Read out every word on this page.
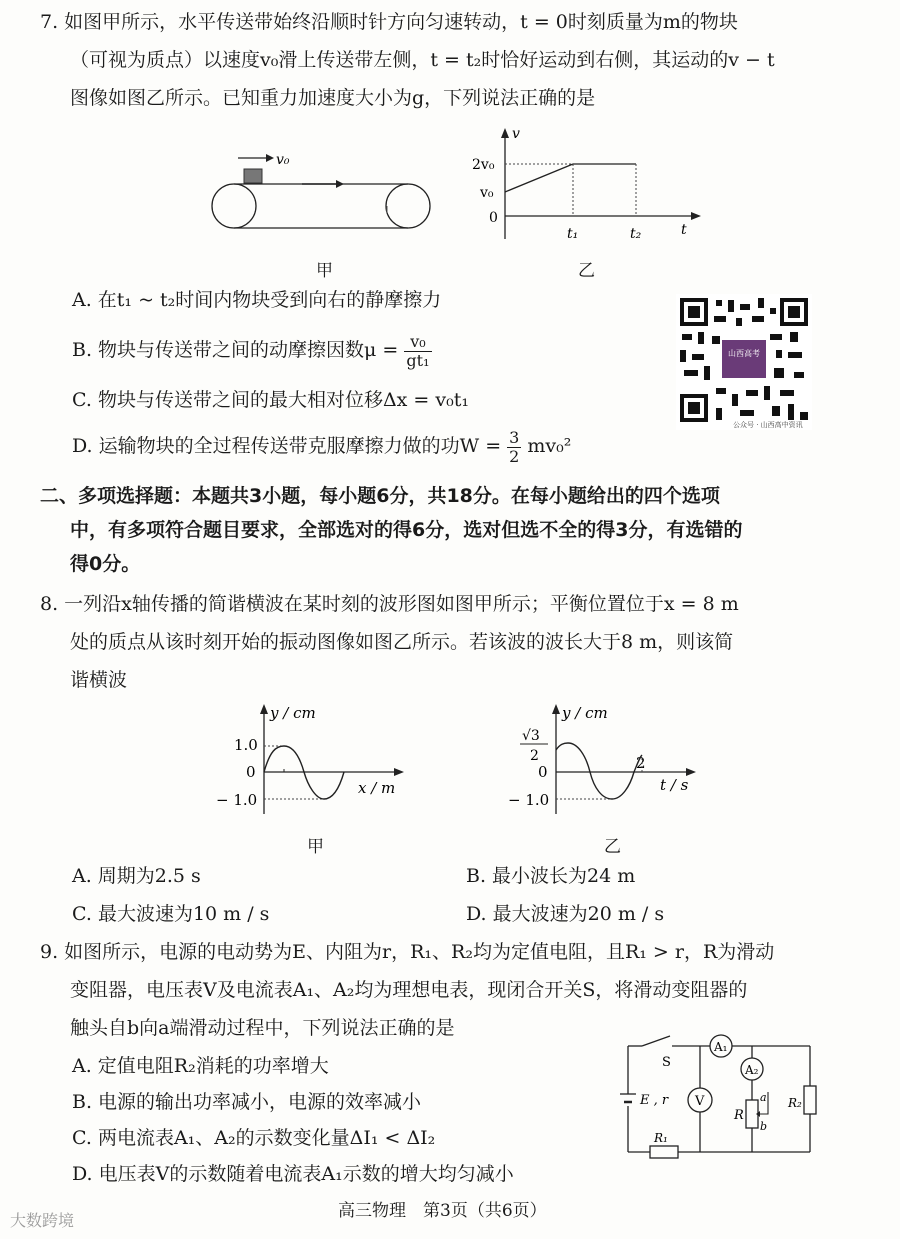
7. 如图甲所示，水平传送带始终沿顺时针方向匀速转动，t = 0时刻质量为m的物块
（可视为质点）以速度v₀滑上传送带左侧，t = t₂时恰好运动到右侧，其运动的v − t
图像如图乙所示。已知重力加速度大小为g，下列说法正确的是
v₀
甲
v
t
2v₀
v₀
0
t₁	t₂
乙
A. 在t₁ ~ t₂时间内物块受到向右的静摩擦力
B. 物块与传送带之间的动摩擦因数$\mu = \frac{\text{v₀}}{\text{gt₁}}$
C. 物块与传送带之间的最大相对位移Δx = v₀t₁
D. 运输物块的全过程传送带克服摩擦力做的功$W = \frac{3}{2} mv_0^2$
山西高考
公众号 · 山西高中资讯
二、多项选择题：本题共3小题，每小题6分，共18分。在每小题给出的四个选项
中，有多项符合题目要求，全部选对的得6分，选对但选不全的得3分，有选错的
得0分。
8. 一列沿x轴传播的简谐横波在某时刻的波形图如图甲所示；平衡位置位于x = 8 m
处的质点从该时刻开始的振动图像如图乙所示。若该波的波长大于8 m，则该简
谐横波
y / cm
x / m
1.0
0
− 1.0
甲
y / cm
t / s
√3
2
0
− 1.0
2
乙
A. 周期为2.5 s	B. 最小波长为24 m
C. 最大波速为10 m / s	D. 最大波速为20 m / s
9. 如图所示，电源的电动势为E、内阻为r，R₁、R₂均为定值电阻，且R₁ > r，R为滑动
变阻器，电压表V及电流表A₁、A₂均为理想电表，现闭合开关S，将滑动变阻器的
触头自b向a端滑动过程中，下列说法正确的是
A. 定值电阻R₂消耗的功率增大
B. 电源的输出功率减小，电源的效率减小
C. 两电流表A₁、A₂的示数变化量ΔI₁ < ΔI₂
D. 电压表V的示数随着电流表A₁示数的增大均匀减小
E , r
S
A₁
A₂
V
R
a
b
R₂
R₁
高三物理　第3页（共6页）
大数跨境
